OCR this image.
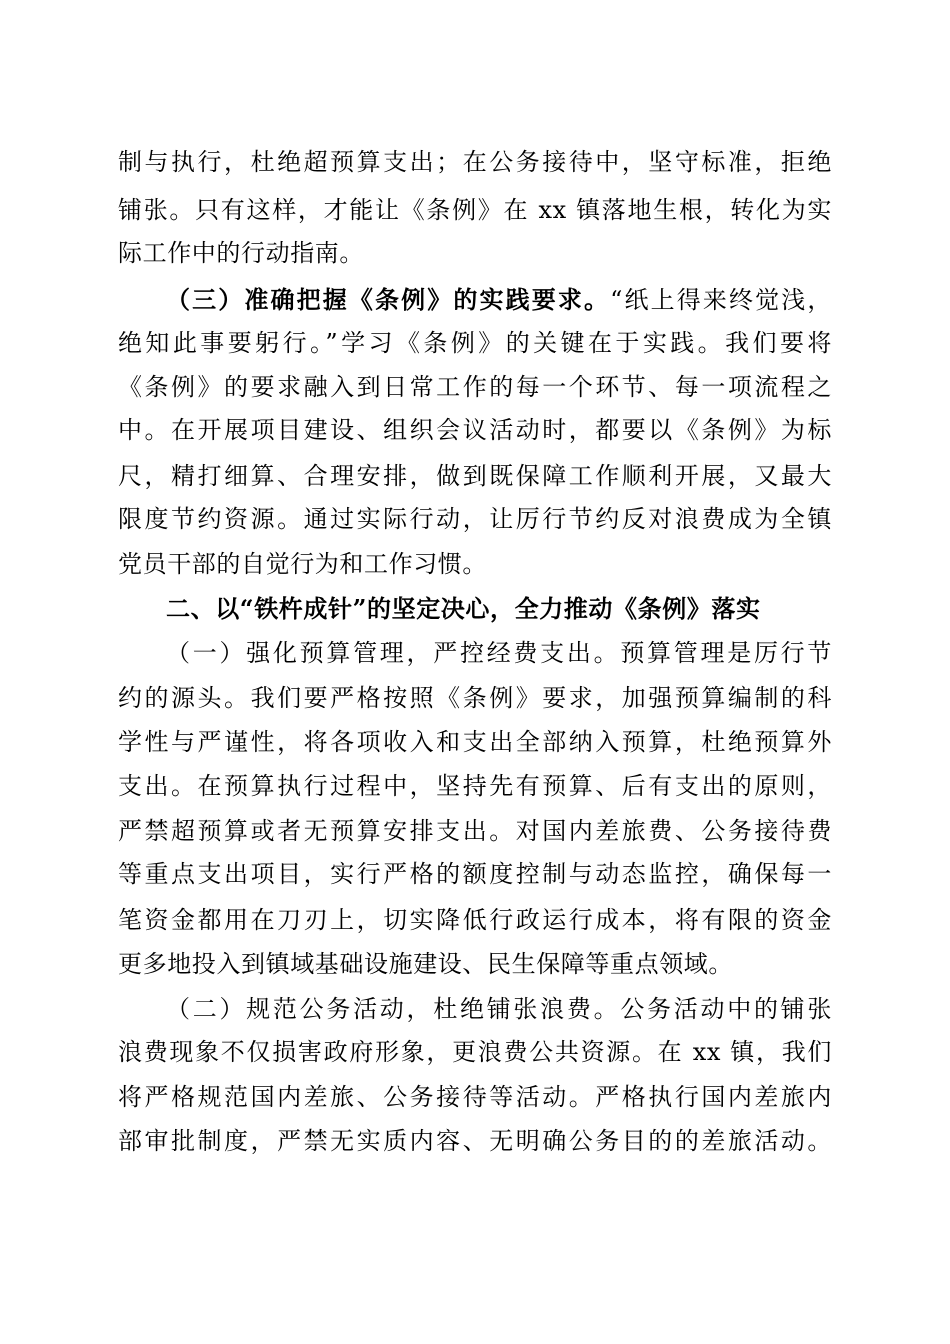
制与执行，杜绝超预算支出；在公务接待中，坚守标准，拒绝
铺张。只有这样，才能让《条例》在 xx 镇落地生根，转化为实
际工作中的行动指南。
（三）准确把握《条例》的实践要求。“纸上得来终觉浅，
绝知此事要躬行。”学习《条例》的关键在于实践。我们要将
《条例》的要求融入到日常工作的每一个环节、每一项流程之
中。在开展项目建设、组织会议活动时，都要以《条例》为标
尺，精打细算、合理安排，做到既保障工作顺利开展，又最大
限度节约资源。通过实际行动，让厉行节约反对浪费成为全镇
党员干部的自觉行为和工作习惯。
二、以“铁杵成针”的坚定决心，全力推动《条例》落实
（一）强化预算管理，严控经费支出。预算管理是厉行节
约的源头。我们要严格按照《条例》要求，加强预算编制的科
学性与严谨性，将各项收入和支出全部纳入预算，杜绝预算外
支出。在预算执行过程中，坚持先有预算、后有支出的原则，
严禁超预算或者无预算安排支出。对国内差旅费、公务接待费
等重点支出项目，实行严格的额度控制与动态监控，确保每一
笔资金都用在刀刃上，切实降低行政运行成本，将有限的资金
更多地投入到镇域基础设施建设、民生保障等重点领域。
（二）规范公务活动，杜绝铺张浪费。公务活动中的铺张
浪费现象不仅损害政府形象，更浪费公共资源。在 xx 镇，我们
将严格规范国内差旅、公务接待等活动。严格执行国内差旅内
部审批制度，严禁无实质内容、无明确公务目的的差旅活动。
